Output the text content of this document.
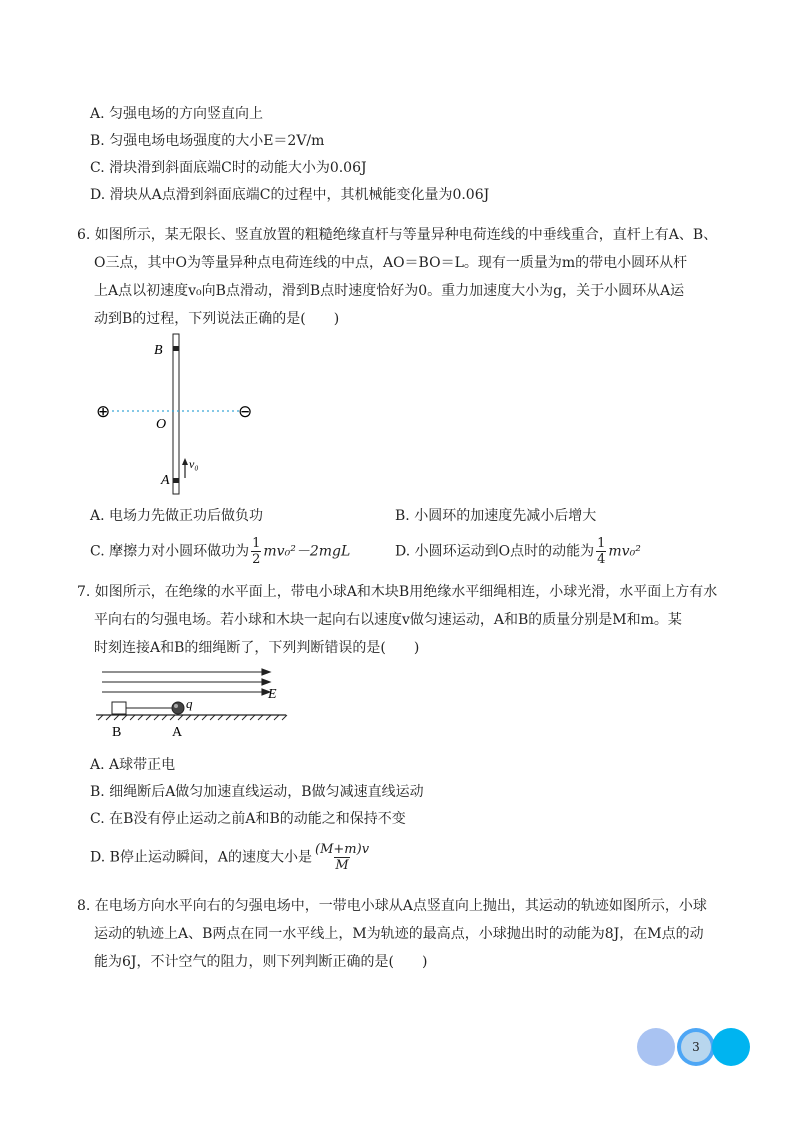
A. 匀强电场的方向竖直向上
B. 匀强电场电场强度的大小E＝2V/m
C. 滑块滑到斜面底端C时的动能大小为0.06J
D. 滑块从A点滑到斜面底端C的过程中，其机械能变化量为0.06J
6. 如图所示，某无限长、竖直放置的粗糙绝缘直杆与等量异种电荷连线的中垂线重合，直杆上有A、B、
O三点，其中O为等量异种点电荷连线的中点，AO＝BO＝L。现有一质量为m的带电小圆环从杆
上A点以初速度v₀向B点滑动，滑到B点时速度恰好为0。重力加速度大小为g，关于小圆环从A运
动到B的过程，下列说法正确的是(　　)
⊕	⊖
B
O
A
v₀
A. 电场力先做正功后做负功	B. 小圆环的加速度先减小后增大
C. 摩擦力对小圆环做功为 $\frac{1}{2} mv_0^2-2mgL$	D. 小圆环运动到O点时的动能为 $\frac{1}{4} mv_0^2$
7. 如图所示，在绝缘的水平面上，带电小球A和木块B用绝缘水平细绳相连，小球光滑，水平面上方有水
平向右的匀强电场。若小球和木块一起向右以速度v做匀速运动，A和B的质量分别是M和m。某
时刻连接A和B的细绳断了，下列判断错误的是(　　)
E
q
B	A
A. A球带正电
B. 细绳断后A做匀加速直线运动，B做匀减速直线运动
C. 在B没有停止运动之前A和B的动能之和保持不变
D. B停止运动瞬间，A的速度大小是 $\frac{(M+m)v}{M}$
8. 在电场方向水平向右的匀强电场中，一带电小球从A点竖直向上抛出，其运动的轨迹如图所示，小球
运动的轨迹上A、B两点在同一水平线上，M为轨迹的最高点，小球抛出时的动能为8J，在M点的动
能为6J，不计空气的阻力，则下列判断正确的是(　　)
3
